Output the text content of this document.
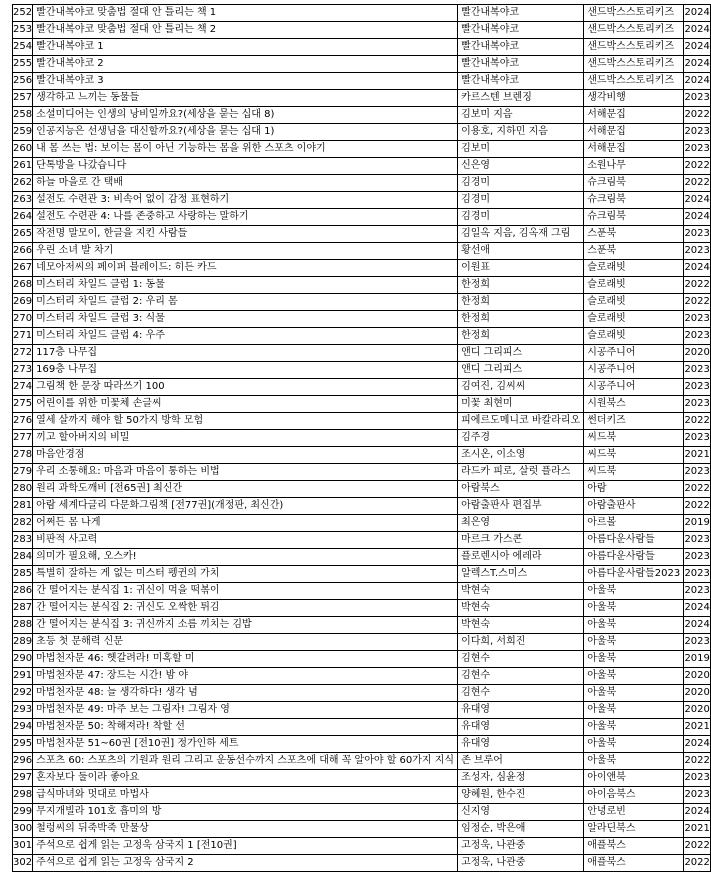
252	빨간내복야코 맞춤법 절대 안 틀리는 책 1	빨간내복야코	샌드박스스토리키즈	2024
253	빨간내복야코 맞춤법 절대 안 틀리는 책 2	빨간내복야코	샌드박스스토리키즈	2024
254	빨간내복야코 1	빨간내복야코	샌드박스스토리키즈	2024
255	빨간내복야코 2	빨간내복야코	샌드박스스토리키즈	2024
256	빨간내복야코 3	빨간내복야코	샌드박스스토리키즈	2024
257	생각하고 느끼는 동물들	카르스텐 브렌징	생각비행	2023
258	소셜미디어는 인생의 낭비일까요?(세상을 묻는 십대 8)	김보미 지음	서해문집	2022
259	인공지능은 선생님을 대신할까요?(세상을 묻는 십대 1)	이용호, 지하민 지음	서해문집	2023
260	내 몸 쓰는 법: 보이는 몸이 아닌 기능하는 몸을 위한 스포츠 이야기	김보미	서해문집	2023
261	단톡방을 나갔습니다	신은영	소원나무	2022
262	하늘 마을로 간 택배	김경미	슈크림북	2022
263	설전도 수련관 3: 비속어 없이 감정 표현하기	김경미	슈크림북	2024
264	설전도 수련관 4: 나를 존중하고 사랑하는 말하기	김경미	슈크림북	2024
265	작전명 말모이, 한글을 지킨 사람들	김일옥 지음, 김옥재 그림	스푼북	2023
266	우린 소녀 발 차기	황선애	스푼북	2023
267	네모아저씨의 페이퍼 블레이드: 히든 카드	이원표	슬로래빗	2024
268	미스터리 차일드 클럽 1: 동물	한정희	슬로래빗	2022
269	미스터리 차일드 클럽 2: 우리 몸	한정희	슬로래빗	2022
270	미스터리 차일드 클럽 3: 식물	한정희	슬로래빗	2023
271	미스터리 차일드 클럽 4: 우주	한정희	슬로래빗	2023
272	117층 나무집	앤디 그리피스	시공주니어	2020
273	169층 나무집	앤디 그리피스	시공주니어	2023
274	그림책 한 문장 따라쓰기 100	김여진, 김씨씨	시공주니어	2023
275	어린이를 위한 미꽃체 손글씨	미꽃 최현미	시원북스	2023
276	열세 살까지 해야 할 50가지 방학 모험	피에르도메니코 바칼라리오	썬더키즈	2022
277	끼고 할아버지의 비밀	김주경	씨드북	2023
278	마음안경점	조시온, 이소영	씨드북	2021
279	우리 소통해요: 마음과 마음이 통하는 비법	라드카 피로, 살럿 플라스	씨드북	2023
280	원리 과학도깨비 [전65권] 최신간	아람북스	아람	2022
281	아람 세계다글리 다문화그림책 [전77권](개정판, 최신간)	아람출판사 편집부	아람출판사	2022
282	어쩌든 몸 나게	최은영	아르볼	2019
283	비판적 사고력	마르크 가스콘	아름다운사람들	2023
284	의미가 필요해, 오스카!	플로렌시아 에레라	아름다운사람들	2023
285	특별히 잘하는 게 없는 미스터 펭귄의 가치	알렉스T.스미스	아름다운사람들2023	2023
286	간 떨어지는 분식집 1: 귀신이 먹을 떡볶이	박현숙	아울북	2023
287	간 떨어지는 분식집 2: 귀신도 오싹한 튀김	박현숙	아울북	2024
288	간 떨어지는 분식집 3: 귀신까지 소름 끼치는 김밥	박현숙	아울북	2024
289	초등 첫 문해력 신문	이다희, 서희진	아울북	2023
290	마법천자문 46: 헷갈려라! 미혹할 미	김현수	아울북	2019
291	마법천자문 47: 장드는 시간! 밤 야	김현수	아울북	2020
292	마법천자문 48: 늘 생각하다! 생각 념	김현수	아울북	2020
293	마법천자문 49: 마주 보는 그림자! 그림자 영	유대영	아울북	2020
294	마법천자문 50: 착해져라! 착할 선	유대영	아울북	2021
295	마법천자문 51~60권 [전10권] 정가인하 세트	유대영	아울북	2024
296	스포츠 60: 스포츠의 기원과 원리 그리고 운동선수까지 스포츠에 대해 꼭 알아야 할 60가지 지식	존 브루어	아울북	2022
297	혼자보다 둘이라 좋아요	조성자, 심윤정	아이앤북	2023
298	급식마녀와 멋대로 마법사	양혜원, 한수진	아이음북스	2023
299	무지개빌라 101호 흡미의 방	신지영	안녕로빈	2024
300	철렁씨의 뒤죽박죽 만물상	임정순, 박은애	알라딘북스	2021
301	주석으로 쉽게 읽는 고정욱 삼국지 1 [전10권]	고정욱, 나관중	애플북스	2022
302	주석으로 쉽게 읽는 고정욱 삼국지 2	고정욱, 나관중	애플북스	2022
